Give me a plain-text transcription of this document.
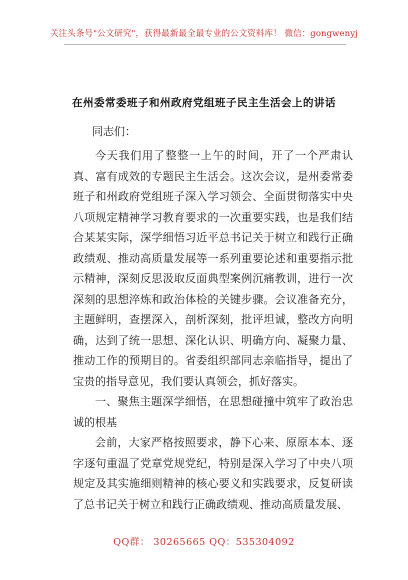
关注头条号"公文研究"，获得最新最全最专业的公文资料库！ 微信：gongwenyj
在州委常委班子和州政府党组班子民主生活会上的讲话
同志们：

今天我们用了整整一上午的时间，开了一个严肃认真、富有成效的专题民主生活会。这次会议，是州委常委班子和州政府党组班子深入学习领会、全面贯彻落实中央八项规定精神学习教育要求的一次重要实践，也是我们结合某某实际，深学细悟习近平总书记关于树立和践行正确政绩观、推动高质量发展等一系列重要论述和重要指示批示精神，深刻反思汲取反面典型案例沉痛教训，进行一次深刻的思想淬炼和政治体检的关键步骤。会议准备充分，主题鲜明，查摆深入，剖析深刻，批评坦诚，整改方向明确，达到了统一思想、深化认识、明确方向、凝聚力量、推动工作的预期目的。省委组织部同志亲临指导，提出了宝贵的指导意见，我们要认真领会，抓好落实。

一、聚焦主题深学细悟，在思想碰撞中筑牢了政治忠诚的根基

会前，大家严格按照要求，静下心来、原原本本、逐字逐句重温了党章党规党纪，特别是深入学习了中央八项规定及其实施细则精神的核心要义和实践要求，反复研读了总书记关于树立和践行正确政绩观、推动高质量发展、

QQ群： 30265665 QQ：535304092
